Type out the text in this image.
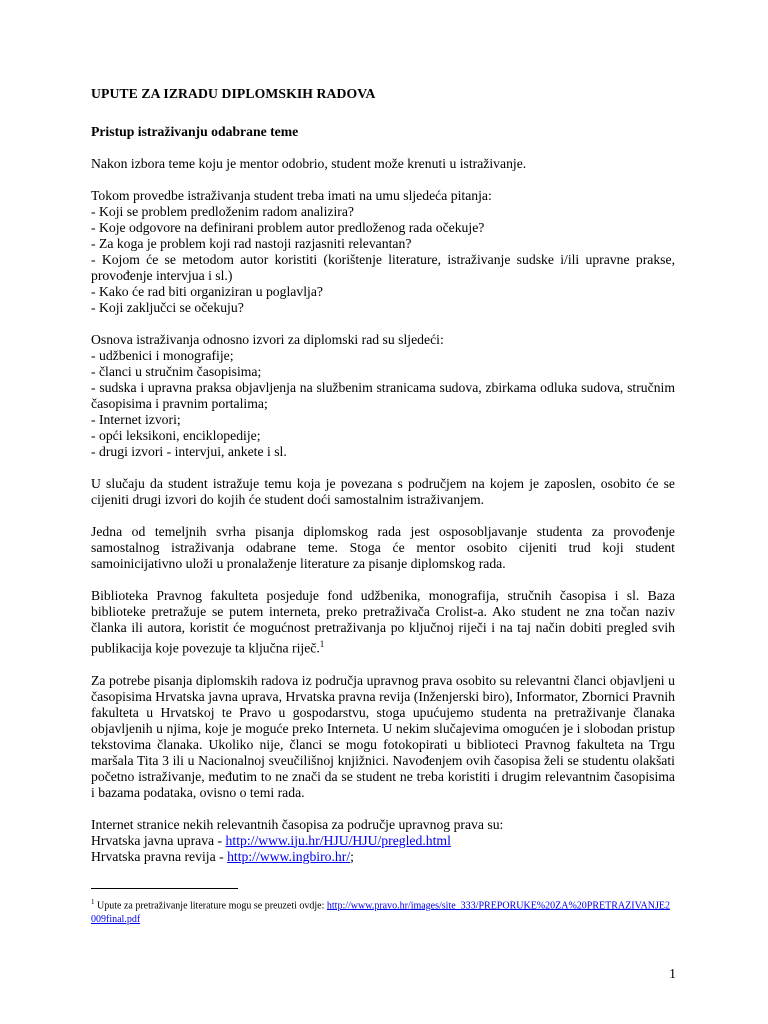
UPUTE ZA IZRADU DIPLOMSKIH RADOVA
Pristup istraživanju odabrane teme

Nakon izbora teme koju je mentor odobrio, student može krenuti u istraživanje.

Tokom provedbe istraživanja student treba imati na umu sljedeća pitanja:
- Koji se problem predloženim radom analizira?
- Koje odgovore na definirani problem autor predloženog rada očekuje?
- Za koga je problem koji rad nastoji razjasniti relevantan?
- Kojom će se metodom autor koristiti (korištenje literature, istraživanje sudske i/ili upravne prakse, provođenje intervjua i sl.)
- Kako će rad biti organiziran u poglavlja?
- Koji zaključci se očekuju?

Osnova istraživanja odnosno izvori za diplomski rad su sljedeći:
- udžbenici i monografije;
- članci u stručnim časopisima;
- sudska i upravna praksa objavljenja na službenim stranicama sudova, zbirkama odluka sudova, stručnim časopisima i pravnim portalima;
- Internet izvori;
- opći leksikoni, enciklopedije;
- drugi izvori - intervjui, ankete i sl.

U slučaju da student istražuje temu koja je povezana s područjem na kojem je zaposlen, osobito će se cijeniti drugi izvori do kojih će student doći samostalnim istraživanjem.

Jedna od temeljnih svrha pisanja diplomskog rada jest osposobljavanje studenta za provođenje samostalnog istraživanja odabrane teme. Stoga će mentor osobito cijeniti trud koji student samoinicijativno uloži u pronalaženje literature za pisanje diplomskog rada.

Biblioteka Pravnog fakulteta posjeduje fond udžbenika, monografija, stručnih časopisa i sl. Baza biblioteke pretražuje se putem interneta, preko pretraživača Crolist-a. Ako student ne zna točan naziv članka ili autora, koristit će mogućnost pretraživanja po ključnoj riječi i na taj način dobiti pregled svih publikacija koje povezuje ta ključna riječ.$^1$

Za potrebe pisanja diplomskih radova iz područja upravnog prava osobito su relevantni članci objavljeni u časopisima Hrvatska javna uprava, Hrvatska pravna revija (Inženjerski biro), Informator, Zbornici Pravnih fakulteta u Hrvatskoj te Pravo u gospodarstvu, stoga upućujemo studenta na pretraživanje članaka objavljenih u njima, koje je moguće preko Interneta. U nekim slučajevima omogućen je i slobodan pristup tekstovima članaka. Ukoliko nije, članci se mogu fotokopirati u biblioteci Pravnog fakulteta na Trgu maršala Tita 3 ili u Nacionalnoj sveučilišnoj knjižnici. Navođenjem ovih časopisa želi se studentu olakšati početno istraživanje, međutim to ne znači da se student ne treba koristiti i drugim relevantnim časopisima i bazama podataka, ovisno o temi rada.

Internet stranice nekih relevantnih časopisa za područje upravnog prava su:
Hrvatska javna uprava - http://www.iju.hr/HJU/HJU/pregled.html
Hrvatska pravna revija - http://www.ingbiro.hr/;

$^1$ Upute za pretraživanje literature mogu se preuzeti ovdje: http://www.pravo.hr/images/site_333/PREPORUKE%20ZA%20PRETRAZIVANJE2009final.pdf
1
